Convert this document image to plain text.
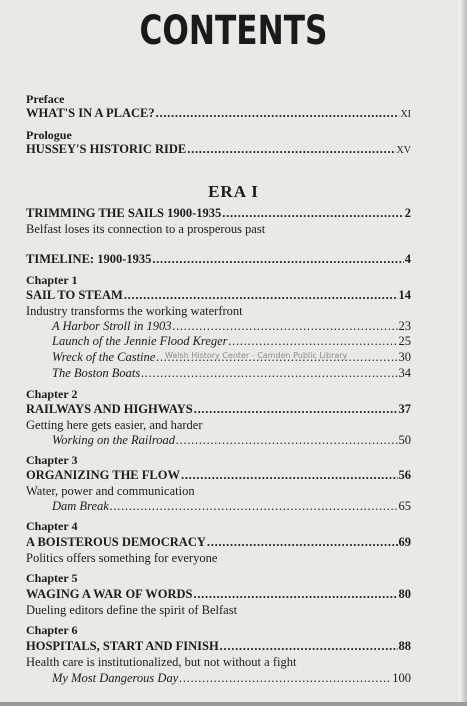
CONTENTS
Preface
WHAT'S IN A PLACE? . . .	XI
Prologue
HUSSEY'S HISTORIC RIDE . . .	XV
ERA I
TRIMMING THE SAILS 1900-1935 . . .	2
Belfast loses its connection to a prosperous past
TIMELINE: 1900-1935 . . .	4
Chapter 1
SAIL TO STEAM . . .	14
Industry transforms the working waterfront
A Harbor Stroll in 1903 . . .	23
Launch of the Jennie Flood Kreger . . .	25
Wreck of the Castine . . .	30
The Boston Boats . . .	34
Chapter 2
RAILWAYS AND HIGHWAYS . . .	37
Getting here gets easier, and harder
Working on the Railroad . . .	50
Chapter 3
ORGANIZING THE FLOW . . .	56
Water, power and communication
Dam Break . . .	65
Chapter 4
A BOISTEROUS DEMOCRACY . . .	69
Politics offers something for everyone
Chapter 5
WAGING A WAR OF WORDS . . .	80
Dueling editors define the spirit of Belfast
Chapter 6
HOSPITALS, START AND FINISH . . .	88
Health care is institutionalized, but not without a fight
My Most Dangerous Day . . .	100
Walsh History Center - Camden Public Library
